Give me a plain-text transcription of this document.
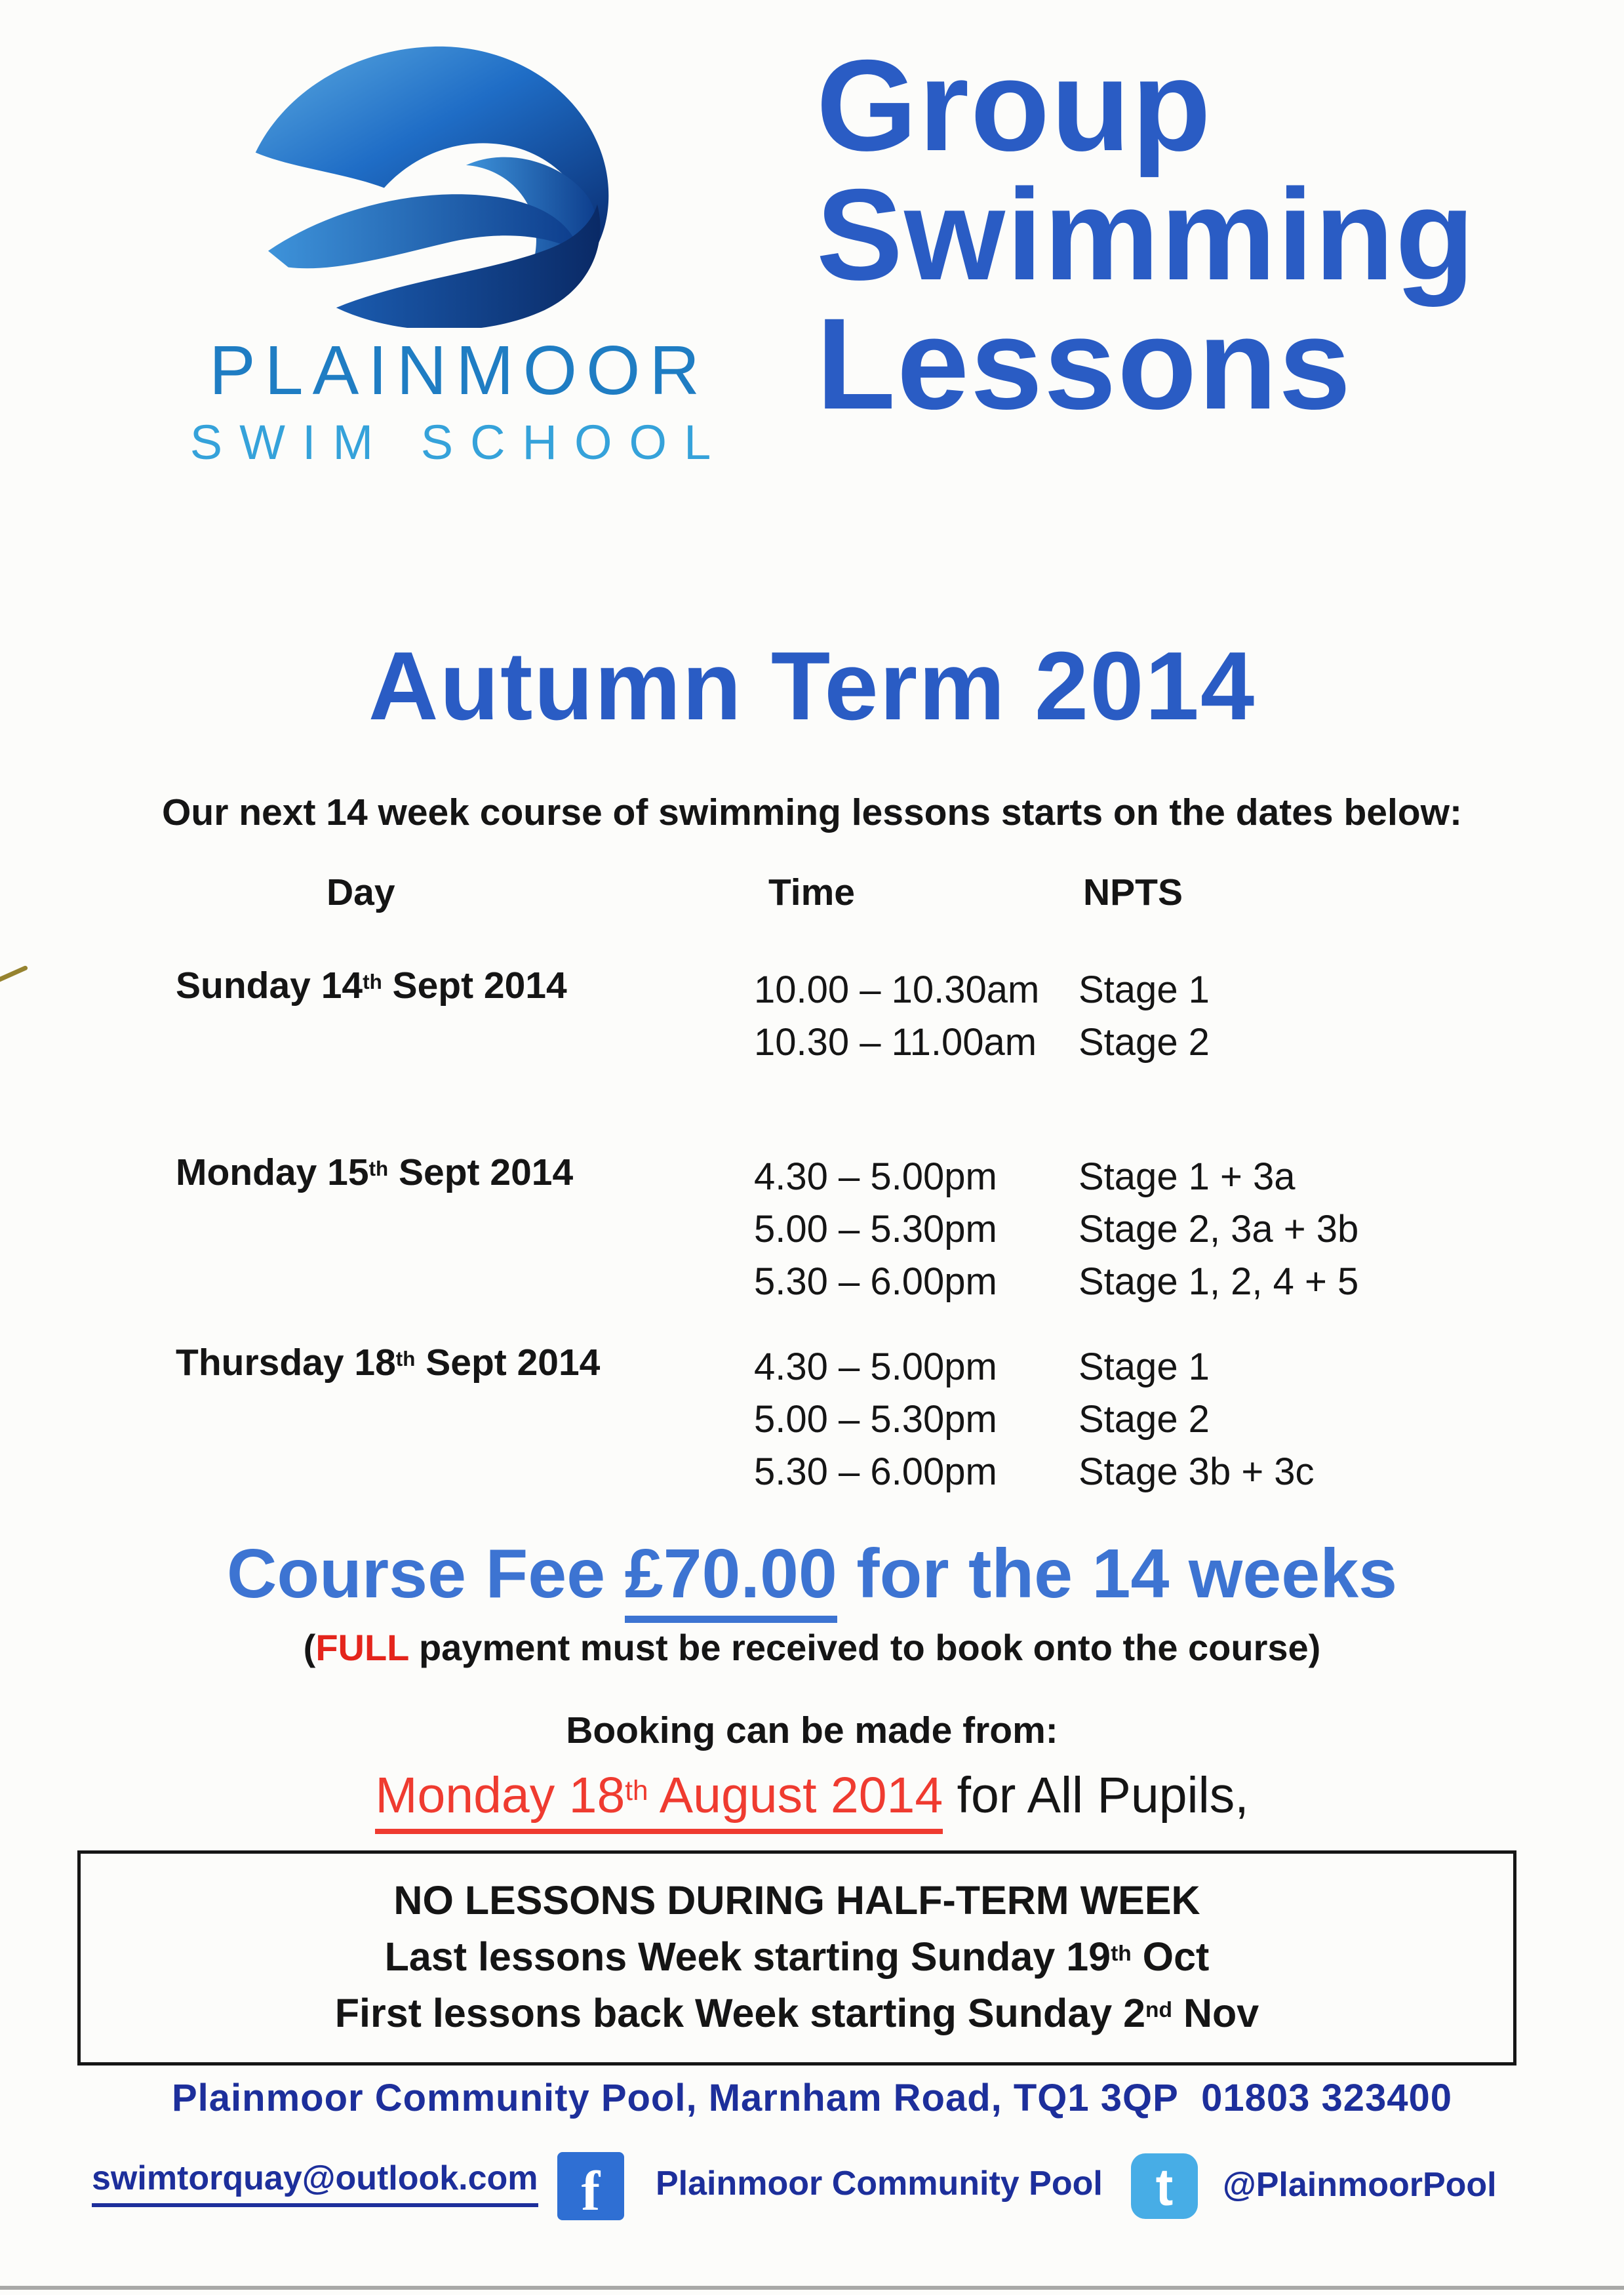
PLAINMOOR
SWIM SCHOOL
Group
Swimming
Lessons
Autumn Term 2014
Our next 14 week course of swimming lessons starts on the dates below:
Day	Time	NPTS
Sunday 14th Sept 2014	10.00 – 10.30am Stage 1
10.30 – 11.00am Stage 2
Monday 15th Sept 2014	4.30 – 5.00pm Stage 1 + 3a
5.00 – 5.30pm Stage 2, 3a + 3b
5.30 – 6.00pm Stage 1, 2, 4 + 5
Thursday 18th Sept 2014	4.30 – 5.00pm Stage 1
5.00 – 5.30pm Stage 2
5.30 – 6.00pm Stage 3b + 3c
Course Fee £70.00 for the 14 weeks
(FULL payment must be received to book onto the course)
Booking can be made from:
Monday 18th August 2014 for All Pupils,
NO LESSONS DURING HALF-TERM WEEK
Last lessons Week starting Sunday 19th Oct
First lessons back Week starting Sunday 2nd Nov
Plainmoor Community Pool, Marnham Road, TQ1 3QP  01803 323400
swimtorquay@outlook.com f	Plainmoor Community Pool	t	@PlainmoorPool
